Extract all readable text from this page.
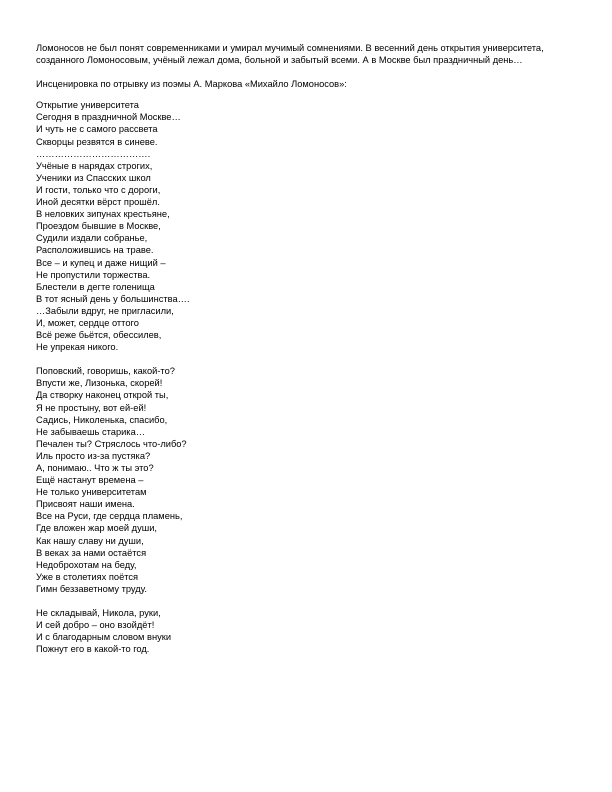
Ломоносов не был понят современниками и умирал мучимый сомнениями. В весенний день открытия университета, созданного Ломоносовым, учёный лежал дома, больной и забытый всеми. А в Москве был праздничный день…

Инсценировка по отрывку из поэмы А. Маркова «Михайло Ломоносов»:

Открытие университета
Сегодня в праздничной Москве…
И чуть не с самого рассвета
Скворцы резвятся в синеве.
……………………………….
Учёные в нарядах строгих,
Ученики из Спасских школ
И гости, только что с дороги,
Иной десятки вёрст прошёл.
В неловких зипунах крестьяне,
Проездом бывшие в Москве,
Судили издали собранье,
Расположившись на траве.
Все – и купец и даже нищий –
Не пропустили торжества.
Блестели в дегте голенища
В тот ясный день у большинства….
…Забыли вдруг, не пригласили,
И, может, сердце оттого
Всё реже бьётся, обессилев,
Не упрекая никого.
Поповский, говоришь, какой-то?
Впусти же, Лизонька, скорей!
Да створку наконец открой ты,
Я не простыну, вот ей-ей!
Садись, Николенька, спасибо,
Не забываешь старика…
Печален ты? Стряслось что-либо?
Иль просто из-за пустяка?
А, понимаю.. Что ж ты это?
Ещё настанут времена –
Не только университетам
Присвоят наши имена.
Все на Руси, где сердца пламень,
Где вложен жар моей души,
Как нашу славу ни души,
В веках за нами остаётся
Недоброхотам на беду,
Уже в столетиях поётся
Гимн беззаветному труду.
Не складывай, Никола, руки,
И сей добро – оно взойдёт!
И с благодарным словом внуки
Пожнут его в какой-то год.
